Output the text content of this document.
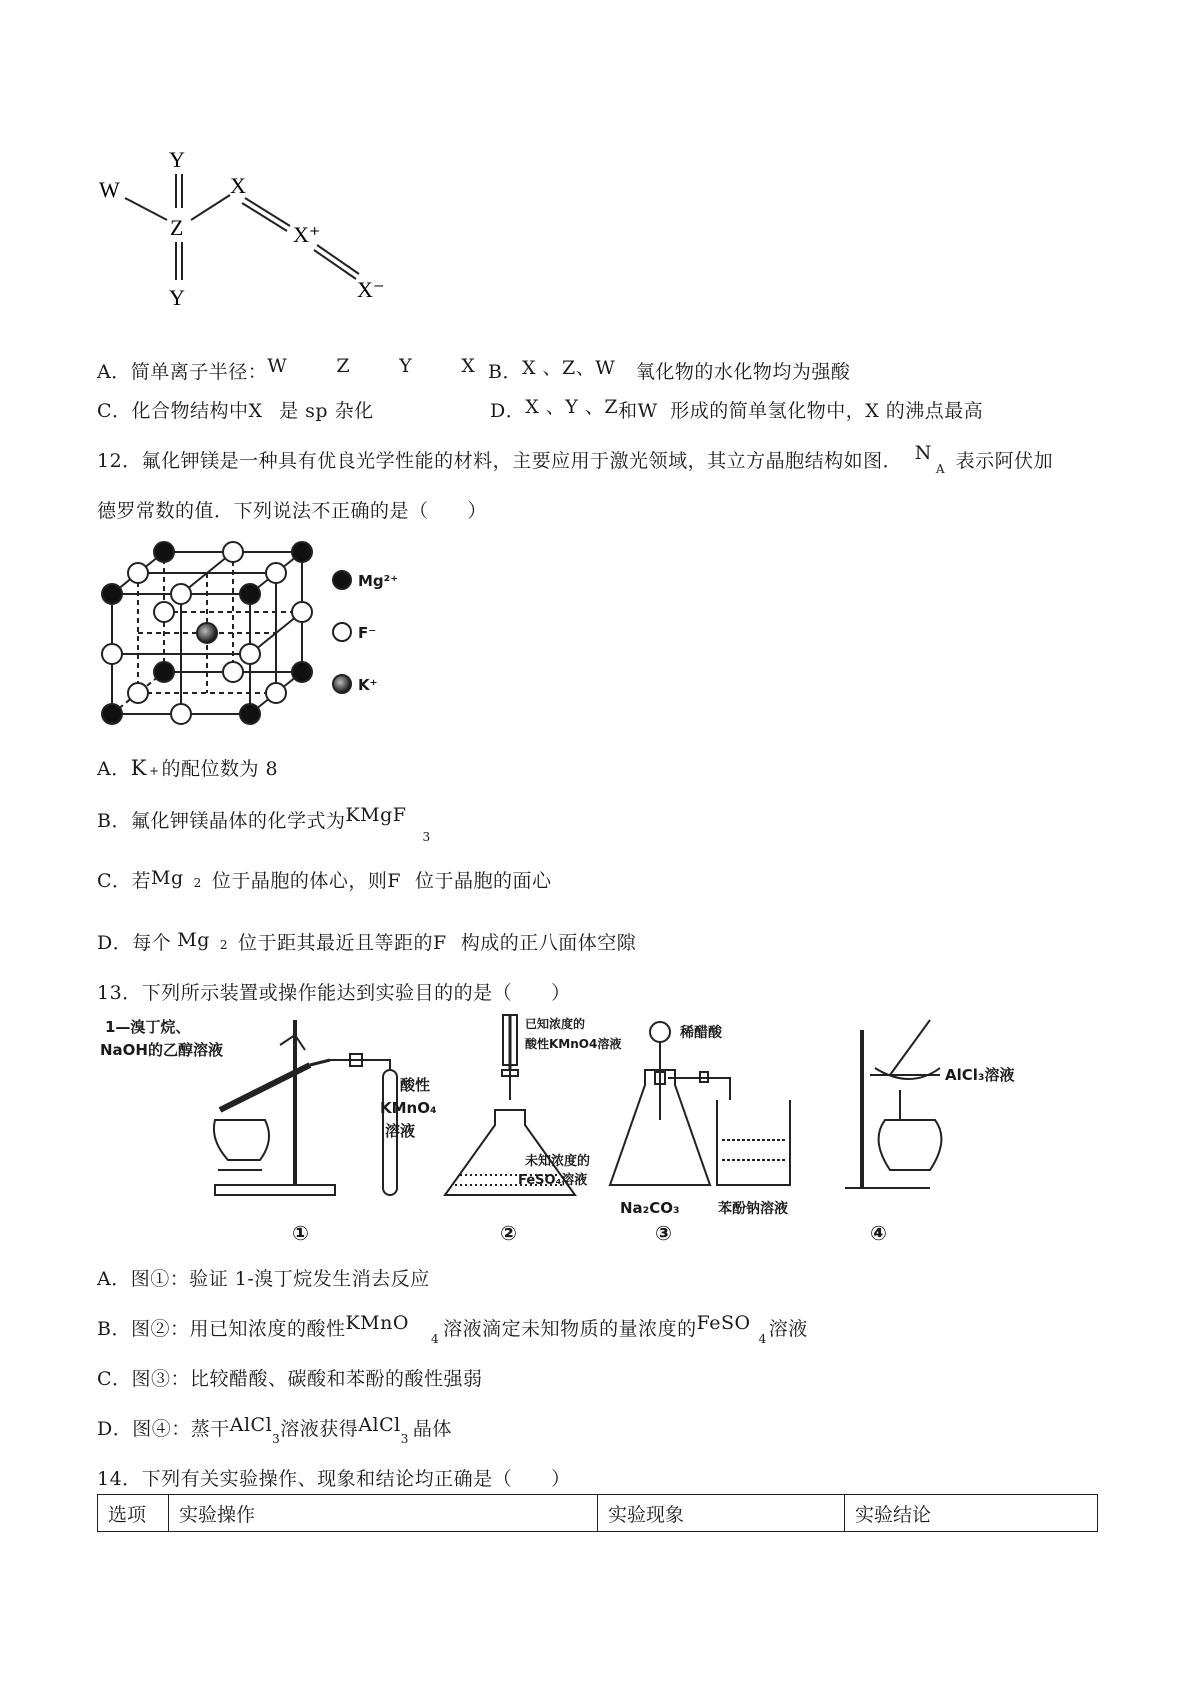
Y
W
Z
Y
X
X⁺
X⁻
A．简单离子半径：W  Z  Y  X B．X 、Z、W 氧化物的水化物均为强酸
C．化合物结构中X 是 sp 杂化	D．X 、Y 、Z和W 形成的简单氢化物中，X 的沸点最高
12．氟化钾镁是一种具有优良光学性能的材料，主要应用于激光领域，其立方晶胞结构如图． $N_A$ 表示阿伏加
德罗常数的值．下列说法不正确的是（　　）
Mg²⁺
F⁻
K⁺
A．K + 的配位数为 8
B．氟化钾镁晶体的化学式为KMgF$_3$
C．若Mg 2 位于晶胞的体心，则F 位于晶胞的面心
D．每个 Mg 2 位于距其最近且等距的F 构成的正八面体空隙
13．下列所示装置或操作能达到实验目的的是（　　）
1—溴丁烷、
NaOH的乙醇溶液
酸性
KMnO₄
溶液
①
已知浓度的
酸性KMnO4溶液
未知浓度的
FeSO₄溶液
②
稀醋酸
Na₂CO₃	苯酚钠溶液
③
AlCl₃溶液
④
A．图①：验证 1-溴丁烷发生消去反应
B．图②：用已知浓度的酸性KMnO$_4$ 溶液滴定未知物质的量浓度的FeSO$_4$ 溶液
C．图③：比较醋酸、碳酸和苯酚的酸性强弱
D．图④：蒸干AlCl$_3$溶液获得AlCl$_3$ 晶体
14．下列有关实验操作、现象和结论均正确是（　　）
选项	实验操作	实验现象	实验结论
